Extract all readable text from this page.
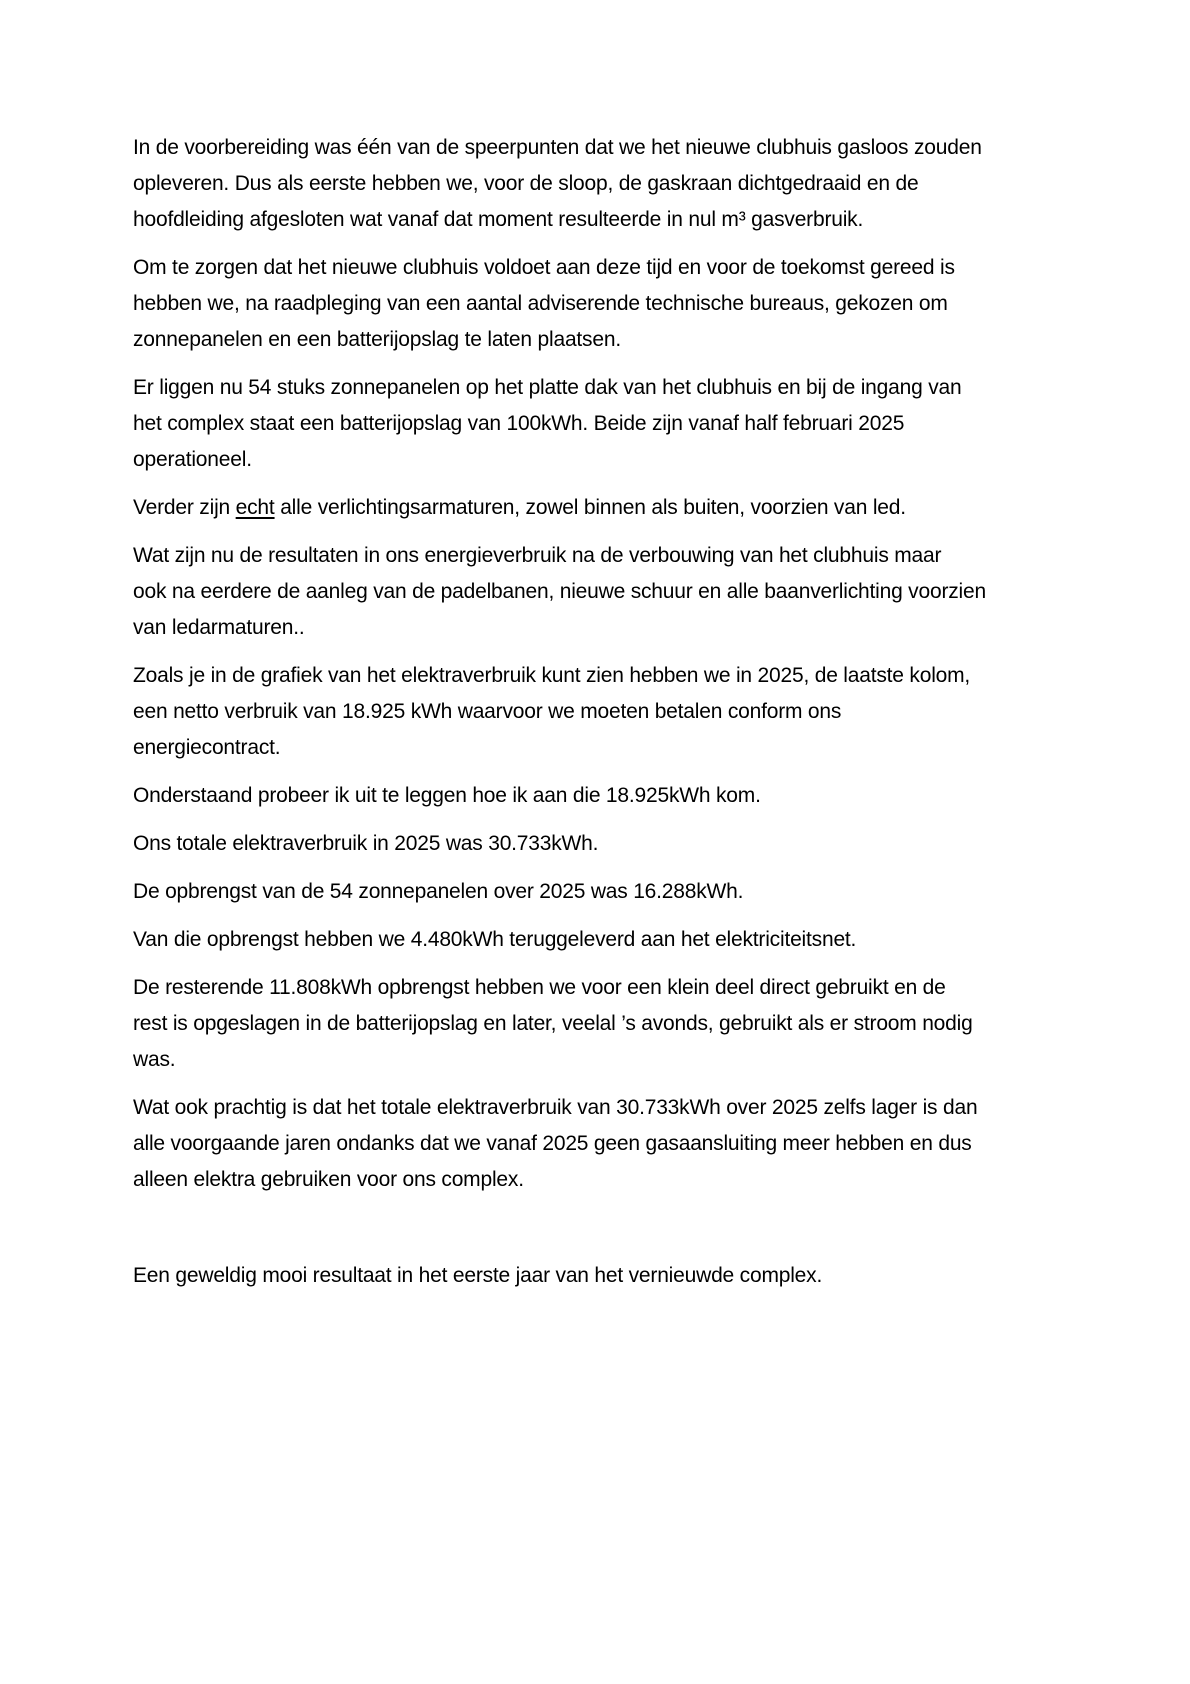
In de voorbereiding was één van de speerpunten dat we het nieuwe clubhuis gasloos zouden
opleveren. Dus als eerste hebben we, voor de sloop, de gaskraan dichtgedraaid en de
hoofdleiding afgesloten wat vanaf dat moment resulteerde in nul m³ gasverbruik.

Om te zorgen dat het nieuwe clubhuis voldoet aan deze tijd en voor de toekomst gereed is
hebben we, na raadpleging van een aantal adviserende technische bureaus, gekozen om
zonnepanelen en een batterijopslag te laten plaatsen.

Er liggen nu 54 stuks zonnepanelen op het platte dak van het clubhuis en bij de ingang van
het complex staat een batterijopslag van 100kWh. Beide zijn vanaf half februari 2025
operationeel.

Verder zijn echt alle verlichtingsarmaturen, zowel binnen als buiten, voorzien van led.

Wat zijn nu de resultaten in ons energieverbruik na de verbouwing van het clubhuis maar
ook na eerdere de aanleg van de padelbanen, nieuwe schuur en alle baanverlichting voorzien
van ledarmaturen..

Zoals je in de grafiek van het elektraverbruik kunt zien hebben we in 2025, de laatste kolom,
een netto verbruik van 18.925 kWh waarvoor we moeten betalen conform ons
energiecontract.

Onderstaand probeer ik uit te leggen hoe ik aan die 18.925kWh kom.

Ons totale elektraverbruik in 2025 was 30.733kWh.

De opbrengst van de 54 zonnepanelen over 2025 was 16.288kWh.

Van die opbrengst hebben we 4.480kWh teruggeleverd aan het elektriciteitsnet.

De resterende 11.808kWh opbrengst hebben we voor een klein deel direct gebruikt en de
rest is opgeslagen in de batterijopslag en later, veelal ’s avonds, gebruikt als er stroom nodig
was.

Wat ook prachtig is dat het totale elektraverbruik van 30.733kWh over 2025 zelfs lager is dan
alle voorgaande jaren ondanks dat we vanaf 2025 geen gasaansluiting meer hebben en dus
alleen elektra gebruiken voor ons complex.

Een geweldig mooi resultaat in het eerste jaar van het vernieuwde complex.
